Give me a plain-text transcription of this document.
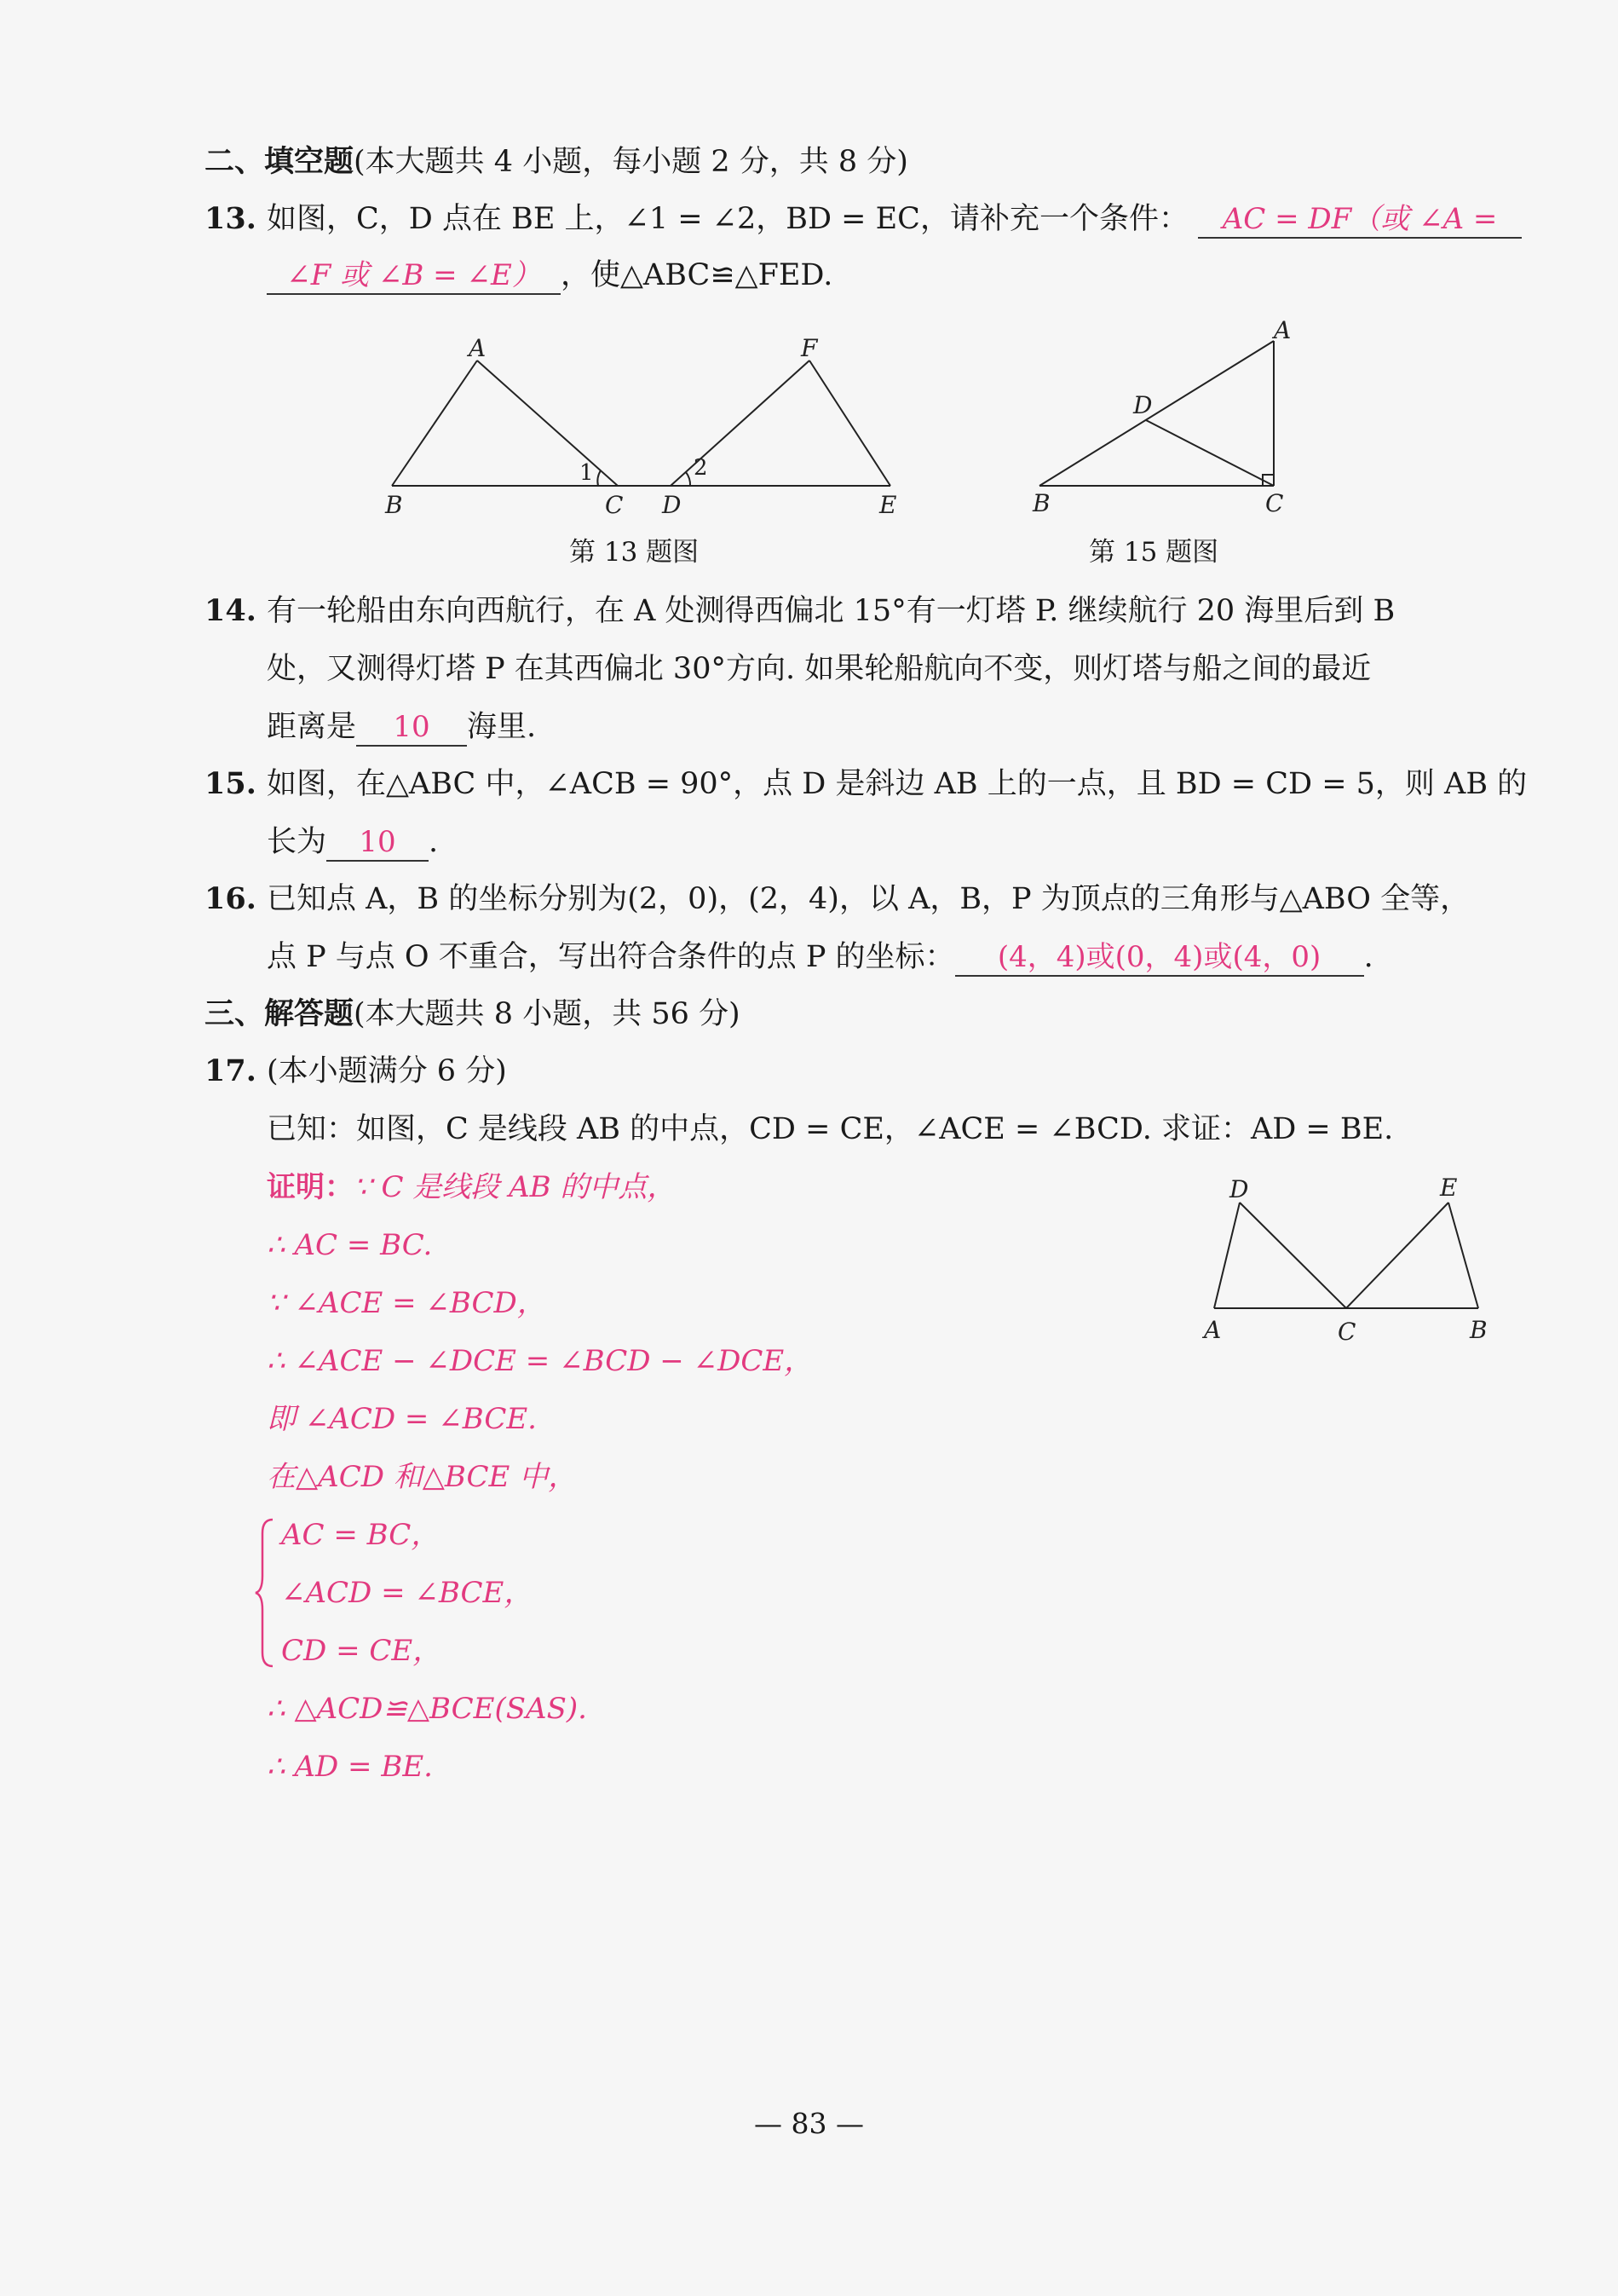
二、填空题(本大题共 4 小题，每小题 2 分，共 8 分)
13. 如图，C，D 点在 BE 上，∠1 = ∠2，BD = EC，请补充一个条件： AC = DF（或 ∠A =
∠F 或 ∠B = ∠E） ，使△ABC≌△FED.
A	F
B	C D	E
1	2
第 13 题图
A
D
B	C
第 15 题图
14. 有一轮船由东向西航行，在 A 处测得西偏北 15°有一灯塔 P. 继续航行 20 海里后到 B
处，又测得灯塔 P 在其西偏北 30°方向. 如果轮船航向不变，则灯塔与船之间的最近
距离是 10 海里.
15. 如图，在△ABC 中，∠ACB = 90°，点 D 是斜边 AB 上的一点，且 BD = CD = 5，则 AB 的
长为 10 .
16. 已知点 A，B 的坐标分别为(2，0)，(2，4)，以 A，B，P 为顶点的三角形与△ABO 全等，
点 P 与点 O 不重合，写出符合条件的点 P 的坐标： (4，4)或(0，4)或(4，0) .
三、解答题(本大题共 8 小题，共 56 分)
17. (本小题满分 6 分)
已知：如图，C 是线段 AB 的中点，CD = CE，∠ACE = ∠BCD. 求证：AD = BE.
证明：∵ C 是线段 AB 的中点，
∴ AC = BC.
∵ ∠ACE = ∠BCD，
∴ ∠ACE − ∠DCE = ∠BCD − ∠DCE，
即 ∠ACD = ∠BCE.
在△ACD 和△BCE 中，
AC = BC，
∠ACD = ∠BCE，
CD = CE，
∴ △ACD≌△BCE(SAS).
∴ AD = BE.
D	E
A	C	B
— 83 —
